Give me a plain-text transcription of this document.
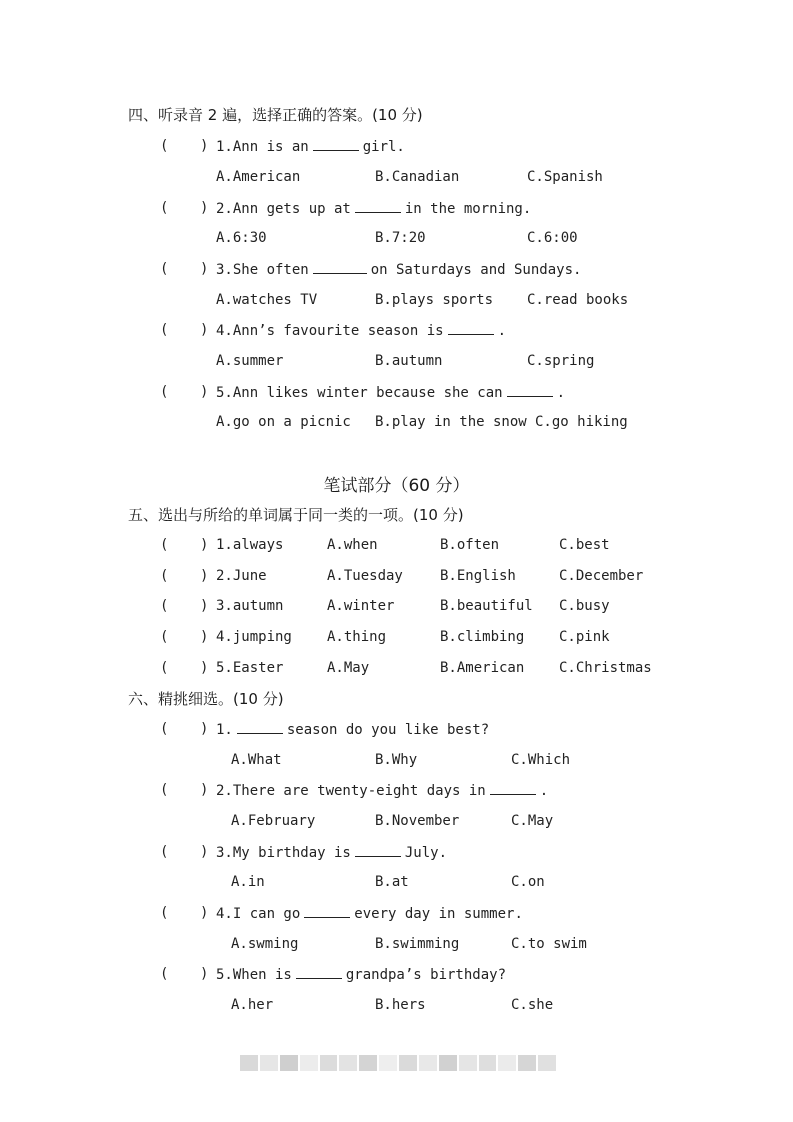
四、听录音 2 遍，选择正确的答案。(10 分)
( ) 1.Ann is an	girl.
A.American	B.Canadian	C.Spanish
( ) 2.Ann gets up at	in the morning.
A.6:30	B.7:20	C.6:00
( ) 3.She often	on Saturdays and Sundays.
A.watches TV	B.plays sports C.read books
( ) 4.Ann’s favourite season is	.
A.summer	B.autumn	C.spring
( ) 5.Ann likes winter because she can	.
A.go on a picnic B.play in the snow C.go hiking
笔试部分（60 分）
五、选出与所给的单词属于同一类的一项。(10 分)
( ) 1.always	A.when	B.often	C.best
( ) 2.June	A.Tuesday	B.English	C.December
( ) 3.autumn	A.winter	B.beautiful C.busy
( ) 4.jumping	A.thing	B.climbing C.pink
( ) 5.Easter	A.May	B.American C.Christmas
六、精挑细选。(10 分)
( ) 1.	season do you like best?
A.What	B.Why	C.Which
( ) 2.There are twenty-eight days in	.
A.February	B.November	C.May
( ) 3.My birthday is	July.
A.in	B.at	C.on
( ) 4.I can go	every day in summer.
A.swming	B.swimming	C.to swim
( ) 5.When is	grandpa’s birthday?
A.her	B.hers	C.she
